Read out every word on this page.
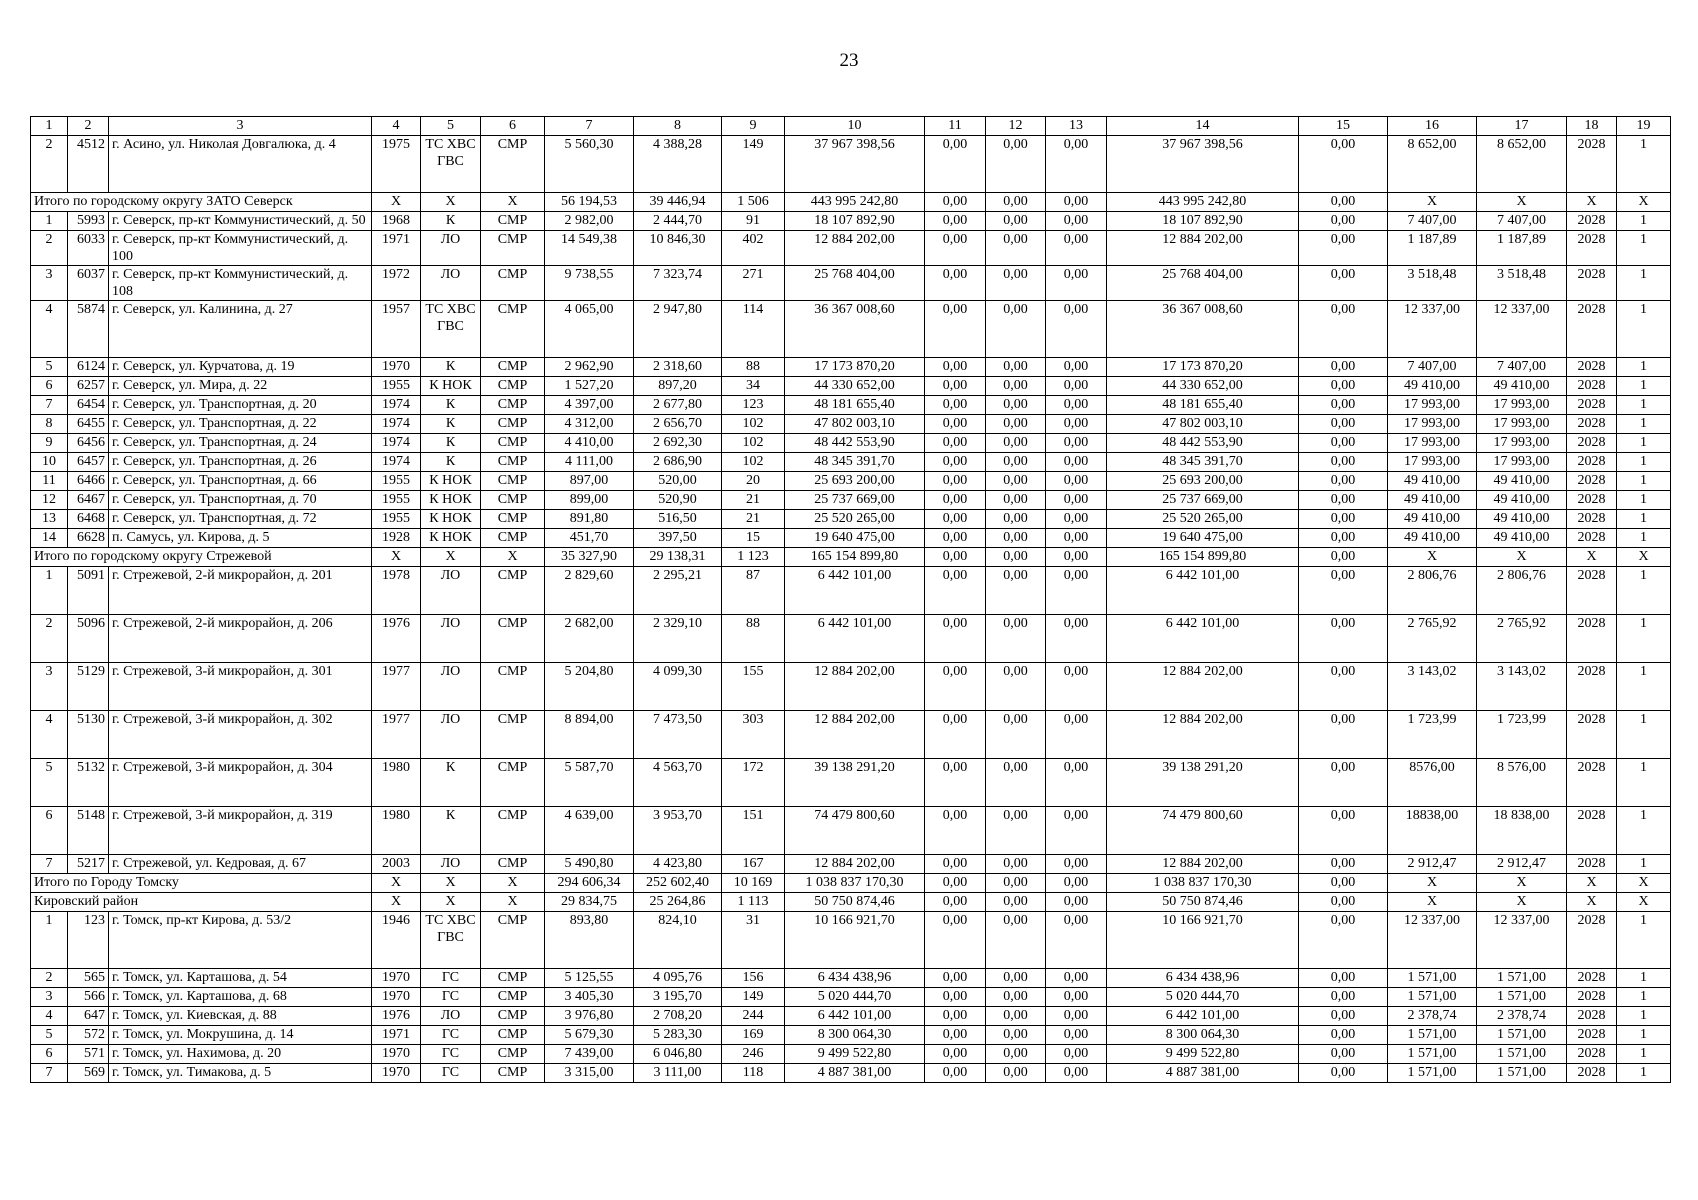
23
1	2	3	4	5	6	7	8	9	10	11	12	13	14	15	16	17	18	19
2	4512	г. Асино, ул. Николая Довгалюка, д. 4	1975	ТС ХВС ГВС	СМР	5 560,30	4 388,28	149	37 967 398,56	0,00	0,00	0,00	37 967 398,56	0,00	8 652,00	8 652,00	2028	1
Итого по городскому округу ЗАТО Северск			X	X	X	56 194,53	39 446,94	1 506	443 995 242,80	0,00	0,00	0,00	443 995 242,80	0,00	X	X	X	X
1	5993	г. Северск, пр-кт Коммунистический, д. 50	1968	К	СМР	2 982,00	2 444,70	91	18 107 892,90	0,00	0,00	0,00	18 107 892,90	0,00	7 407,00	7 407,00	2028	1
2	6033	г. Северск, пр-кт Коммунистический, д. 100	1971	ЛО	СМР	14 549,38	10 846,30	402	12 884 202,00	0,00	0,00	0,00	12 884 202,00	0,00	1 187,89	1 187,89	2028	1
3	6037	г. Северск, пр-кт Коммунистический, д. 108	1972	ЛО	СМР	9 738,55	7 323,74	271	25 768 404,00	0,00	0,00	0,00	25 768 404,00	0,00	3 518,48	3 518,48	2028	1
4	5874	г. Северск, ул. Калинина, д. 27	1957	ТС ХВС ГВС	СМР	4 065,00	2 947,80	114	36 367 008,60	0,00	0,00	0,00	36 367 008,60	0,00	12 337,00	12 337,00	2028	1
5	6124	г. Северск, ул. Курчатова, д. 19	1970	К	СМР	2 962,90	2 318,60	88	17 173 870,20	0,00	0,00	0,00	17 173 870,20	0,00	7 407,00	7 407,00	2028	1
6	6257	г. Северск, ул. Мира, д. 22	1955	К НОК	СМР	1 527,20	897,20	34	44 330 652,00	0,00	0,00	0,00	44 330 652,00	0,00	49 410,00	49 410,00	2028	1
7	6454	г. Северск, ул. Транспортная, д. 20	1974	К	СМР	4 397,00	2 677,80	123	48 181 655,40	0,00	0,00	0,00	48 181 655,40	0,00	17 993,00	17 993,00	2028	1
8	6455	г. Северск, ул. Транспортная, д. 22	1974	К	СМР	4 312,00	2 656,70	102	47 802 003,10	0,00	0,00	0,00	47 802 003,10	0,00	17 993,00	17 993,00	2028	1
9	6456	г. Северск, ул. Транспортная, д. 24	1974	К	СМР	4 410,00	2 692,30	102	48 442 553,90	0,00	0,00	0,00	48 442 553,90	0,00	17 993,00	17 993,00	2028	1
10	6457	г. Северск, ул. Транспортная, д. 26	1974	К	СМР	4 111,00	2 686,90	102	48 345 391,70	0,00	0,00	0,00	48 345 391,70	0,00	17 993,00	17 993,00	2028	1
11	6466	г. Северск, ул. Транспортная, д. 66	1955	К НОК	СМР	897,00	520,00	20	25 693 200,00	0,00	0,00	0,00	25 693 200,00	0,00	49 410,00	49 410,00	2028	1
12	6467	г. Северск, ул. Транспортная, д. 70	1955	К НОК	СМР	899,00	520,90	21	25 737 669,00	0,00	0,00	0,00	25 737 669,00	0,00	49 410,00	49 410,00	2028	1
13	6468	г. Северск, ул. Транспортная, д. 72	1955	К НОК	СМР	891,80	516,50	21	25 520 265,00	0,00	0,00	0,00	25 520 265,00	0,00	49 410,00	49 410,00	2028	1
14	6628	п. Самусь, ул. Кирова, д. 5	1928	К НОК	СМР	451,70	397,50	15	19 640 475,00	0,00	0,00	0,00	19 640 475,00	0,00	49 410,00	49 410,00	2028	1
Итого по городскому округу Стрежевой			X	X	X	35 327,90	29 138,31	1 123	165 154 899,80	0,00	0,00	0,00	165 154 899,80	0,00	X	X	X	X
1	5091	г. Стрежевой, 2-й микрорайон, д. 201	1978	ЛО	СМР	2 829,60	2 295,21	87	6 442 101,00	0,00	0,00	0,00	6 442 101,00	0,00	2 806,76	2 806,76	2028	1
2	5096	г. Стрежевой, 2-й микрорайон, д. 206	1976	ЛО	СМР	2 682,00	2 329,10	88	6 442 101,00	0,00	0,00	0,00	6 442 101,00	0,00	2 765,92	2 765,92	2028	1
3	5129	г. Стрежевой, 3-й микрорайон, д. 301	1977	ЛО	СМР	5 204,80	4 099,30	155	12 884 202,00	0,00	0,00	0,00	12 884 202,00	0,00	3 143,02	3 143,02	2028	1
4	5130	г. Стрежевой, 3-й микрорайон, д. 302	1977	ЛО	СМР	8 894,00	7 473,50	303	12 884 202,00	0,00	0,00	0,00	12 884 202,00	0,00	1 723,99	1 723,99	2028	1
5	5132	г. Стрежевой, 3-й микрорайон, д. 304	1980	К	СМР	5 587,70	4 563,70	172	39 138 291,20	0,00	0,00	0,00	39 138 291,20	0,00	8576,00	8 576,00	2028	1
6	5148	г. Стрежевой, 3-й микрорайон, д. 319	1980	К	СМР	4 639,00	3 953,70	151	74 479 800,60	0,00	0,00	0,00	74 479 800,60	0,00	18838,00	18 838,00	2028	1
7	5217	г. Стрежевой, ул. Кедровая, д. 67	2003	ЛО	СМР	5 490,80	4 423,80	167	12 884 202,00	0,00	0,00	0,00	12 884 202,00	0,00	2 912,47	2 912,47	2028	1
Итого по Городу Томску			X	X	X	294 606,34	252 602,40	10 169	1 038 837 170,30	0,00	0,00	0,00	1 038 837 170,30	0,00	X	X	X	X
Кировский район			X	X	X	29 834,75	25 264,86	1 113	50 750 874,46	0,00	0,00	0,00	50 750 874,46	0,00	X	X	X	X
1	123	г. Томск, пр-кт Кирова, д. 53/2	1946	ТС ХВС ГВС	СМР	893,80	824,10	31	10 166 921,70	0,00	0,00	0,00	10 166 921,70	0,00	12 337,00	12 337,00	2028	1
2	565	г. Томск, ул. Карташова, д. 54	1970	ГС	СМР	5 125,55	4 095,76	156	6 434 438,96	0,00	0,00	0,00	6 434 438,96	0,00	1 571,00	1 571,00	2028	1
3	566	г. Томск, ул. Карташова, д. 68	1970	ГС	СМР	3 405,30	3 195,70	149	5 020 444,70	0,00	0,00	0,00	5 020 444,70	0,00	1 571,00	1 571,00	2028	1
4	647	г. Томск, ул. Киевская, д. 88	1976	ЛО	СМР	3 976,80	2 708,20	244	6 442 101,00	0,00	0,00	0,00	6 442 101,00	0,00	2 378,74	2 378,74	2028	1
5	572	г. Томск, ул. Мокрушина, д. 14	1971	ГС	СМР	5 679,30	5 283,30	169	8 300 064,30	0,00	0,00	0,00	8 300 064,30	0,00	1 571,00	1 571,00	2028	1
6	571	г. Томск, ул. Нахимова, д. 20	1970	ГС	СМР	7 439,00	6 046,80	246	9 499 522,80	0,00	0,00	0,00	9 499 522,80	0,00	1 571,00	1 571,00	2028	1
7	569	г. Томск, ул. Тимакова, д. 5	1970	ГС	СМР	3 315,00	3 111,00	118	4 887 381,00	0,00	0,00	0,00	4 887 381,00	0,00	1 571,00	1 571,00	2028	1
